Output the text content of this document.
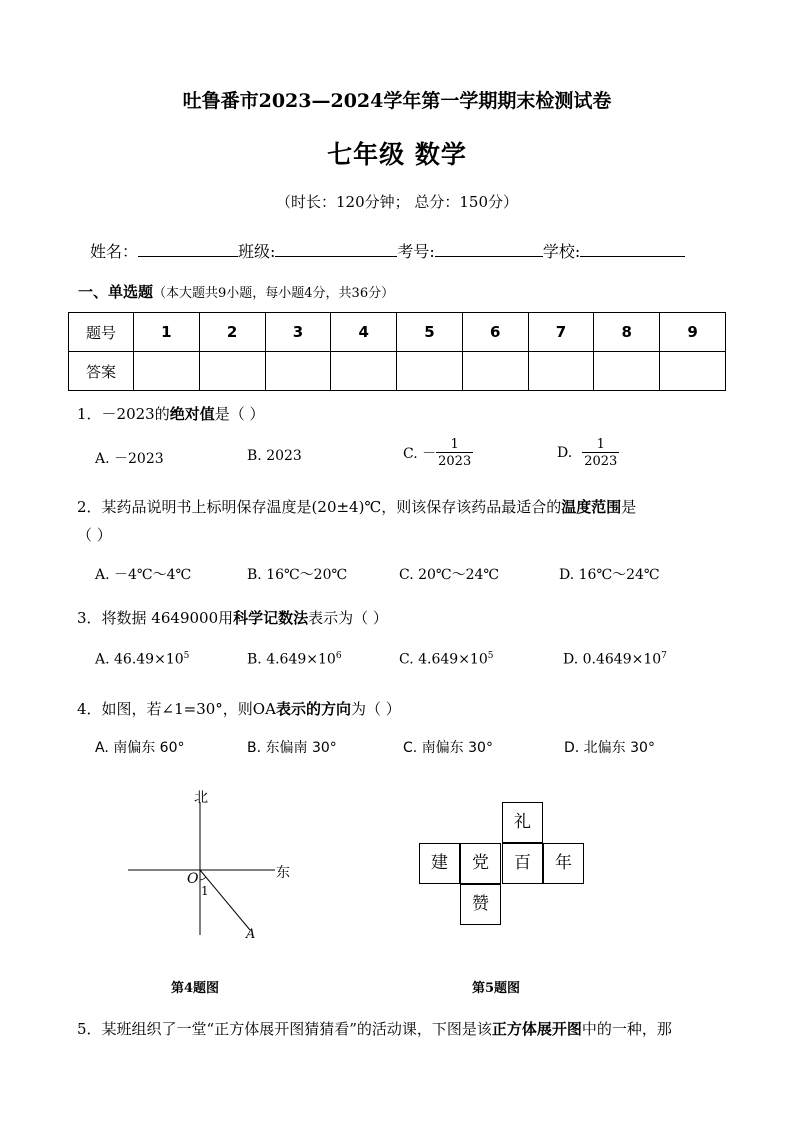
吐鲁番市2023—2024学年第一学期期末检测试卷
七年级 数学
（时长：120分钟； 总分：150分）
姓名：	班级:	考号:	学校:
一、单选题（本大题共9小题，每小题4分，共36分）
题号	1	2	3	4	5	6	7	8	9
答案									
1．－2023的绝对值是（ ）
A. －2023	B. 2023	C. － $\frac{1}{2023}$	D. $\frac{1}{2023}$
2．某药品说明书上标明保存温度是(20±4)℃，则该保存该药品最适合的温度范围是
（ ）
A. －4℃～4℃	B. 16℃～20℃	C. 20℃～24℃	D. 16℃～24℃
3．将数据 4649000用科学记数法表示为（ ）
A. $46.49\times 10^5$	B. $4.649\times 10^6$	C. $4.649\times 10^5$	D. $0.4649\times 10^7$
4．如图，若∠1=30°，则OA表示的方向为（ ）
A. 南偏东 60°	B. 东偏南 30°	C. 南偏东 30°	D. 北偏东 30°
北
东
O
1
A
第4题图
礼
建	党	百	年
赞
第5题图
5．某班组织了一堂“正方体展开图猜猜看”的活动课，下图是该正方体展开图中的一种，那
